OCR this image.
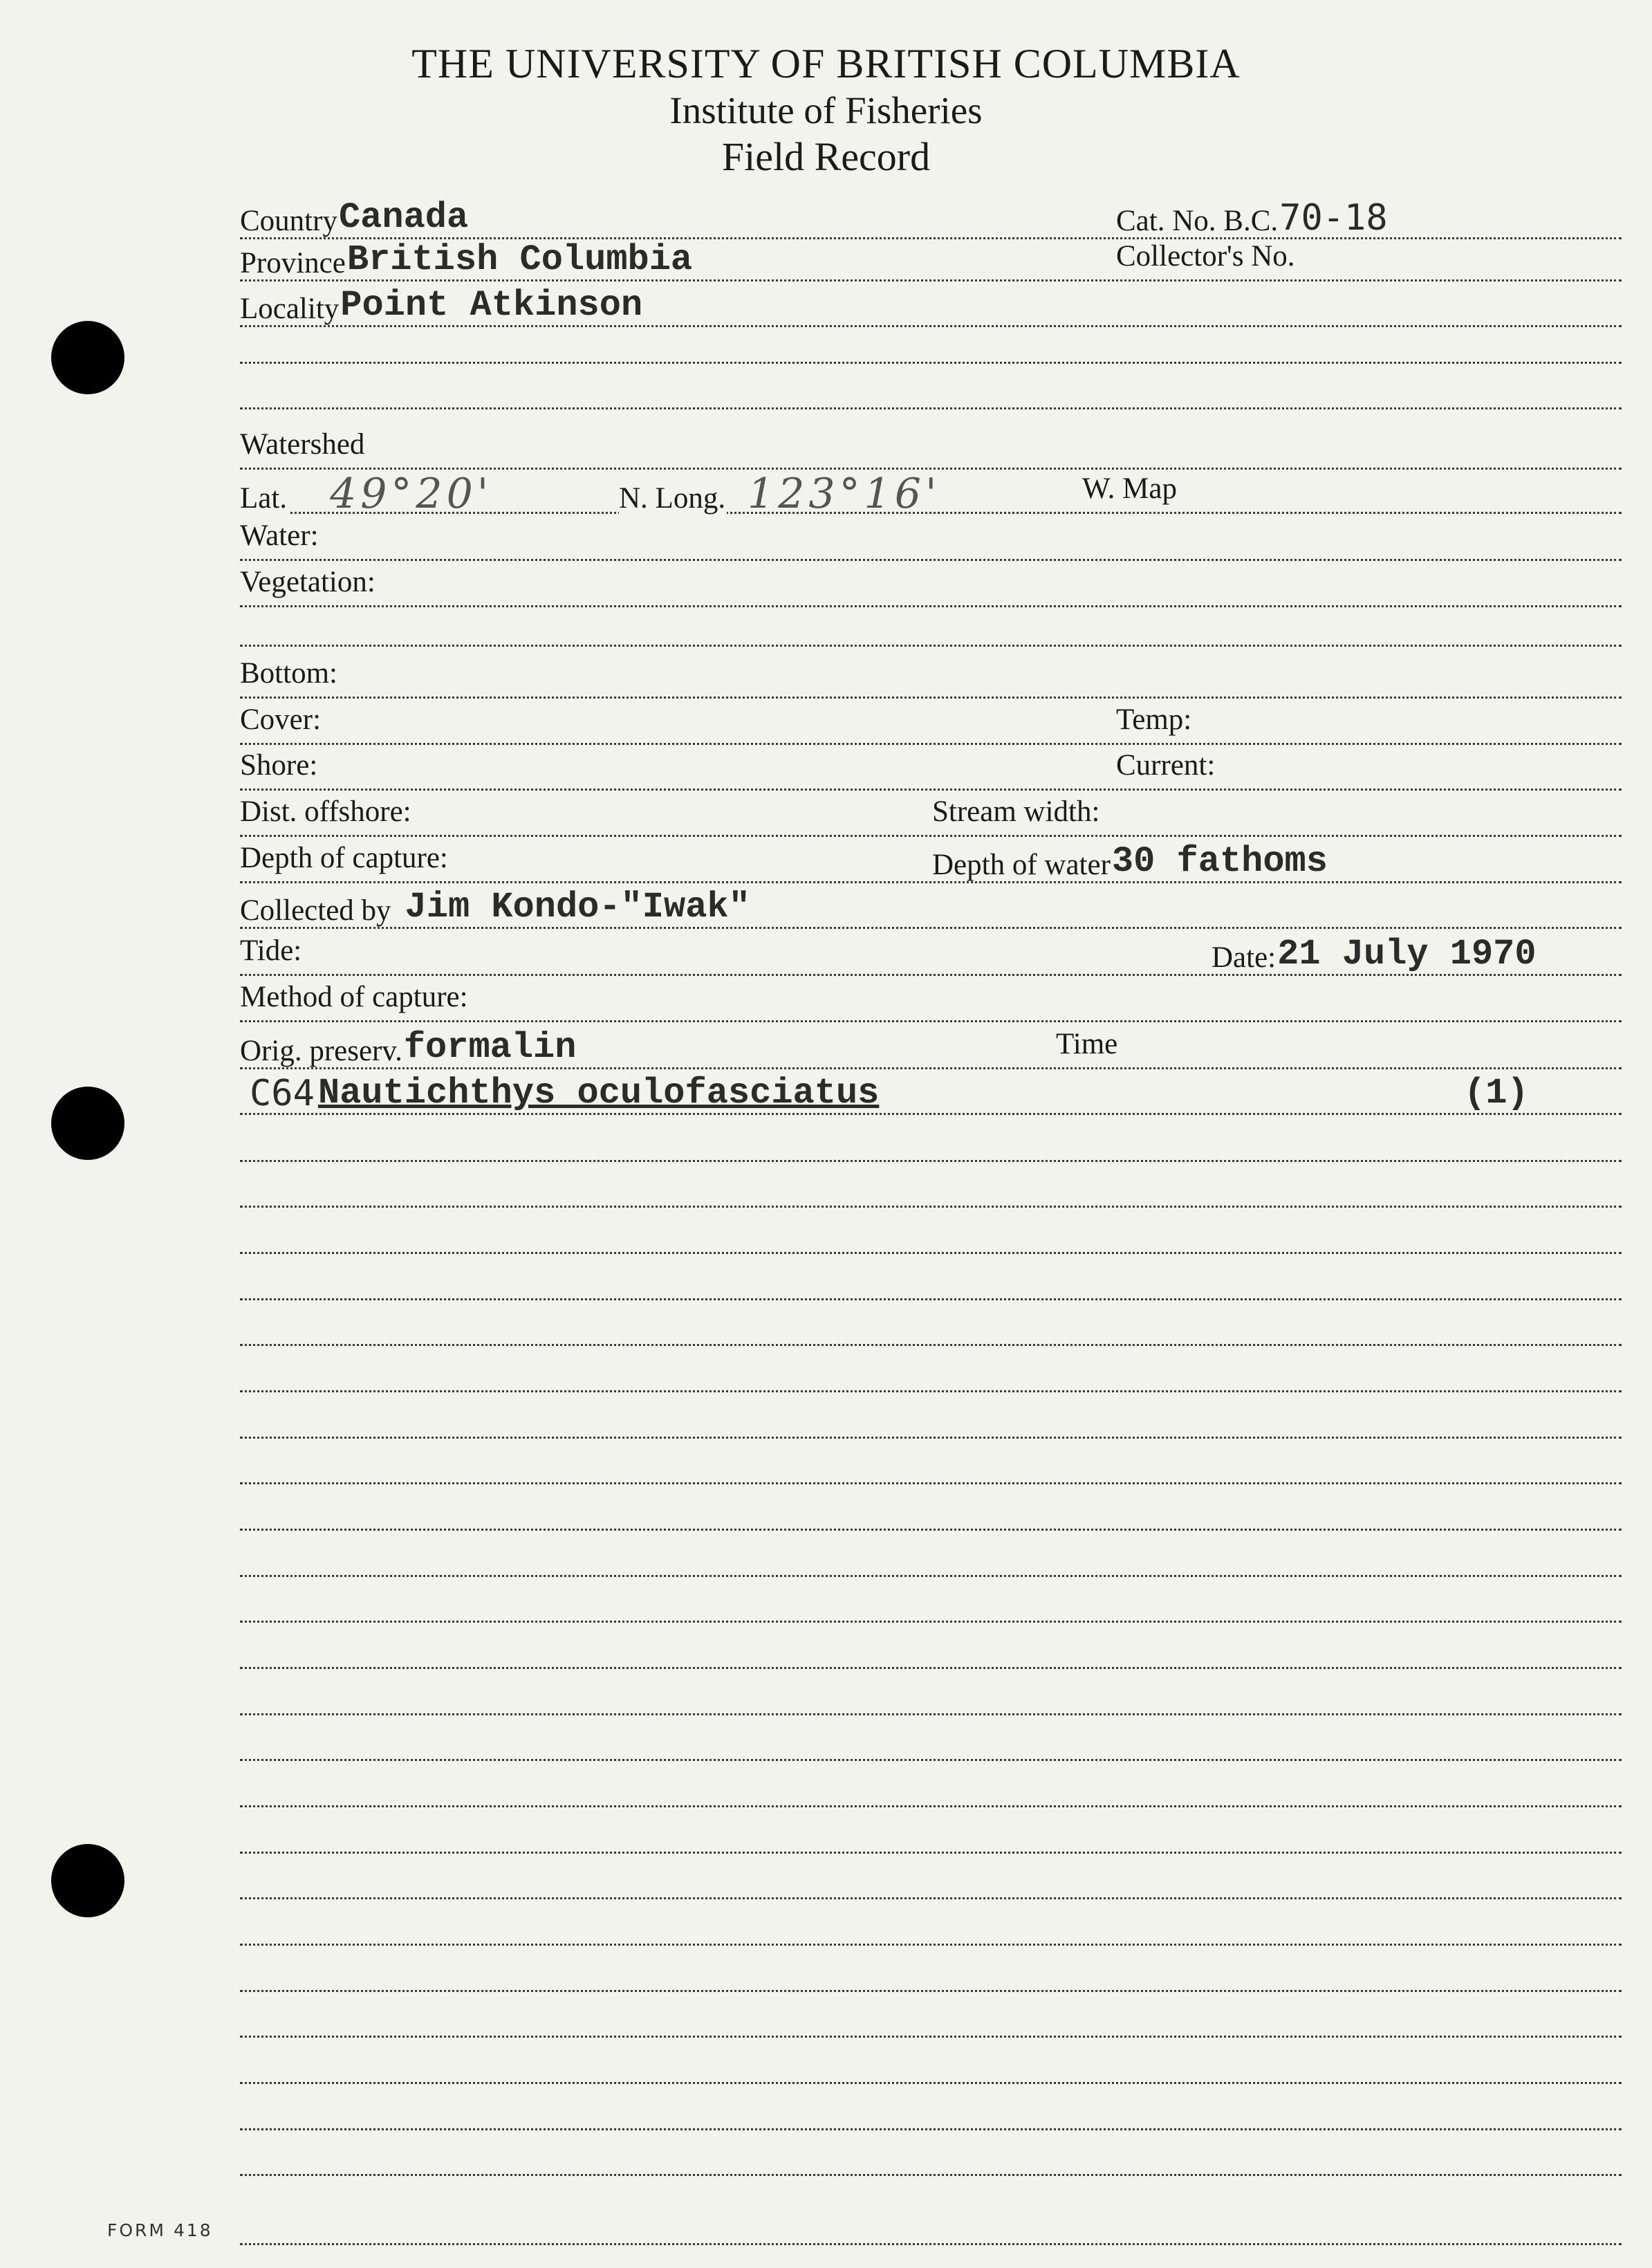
THE UNIVERSITY OF BRITISH COLUMBIA
Institute of Fisheries
Field Record
CountryCanada	Cat. No. B.C.70-18
ProvinceBritish Columbia	Collector's No.
LocalityPoint Atkinson
Watershed
Lat. 49°20'	N. Long. 123°16'	W. Map
Water:
Vegetation:
Bottom:
Cover:	Temp:
Shore:	Current:
Dist. offshore:	Stream width:
Depth of capture:	Depth of water30 fathoms
Collected by Jim Kondo-"Iwak"
Tide:	Date:21 July 1970
Method of capture:
Orig. preserv.formalin	Time
C64 Nautichthys oculofasciatus	(1)
FORM 418
